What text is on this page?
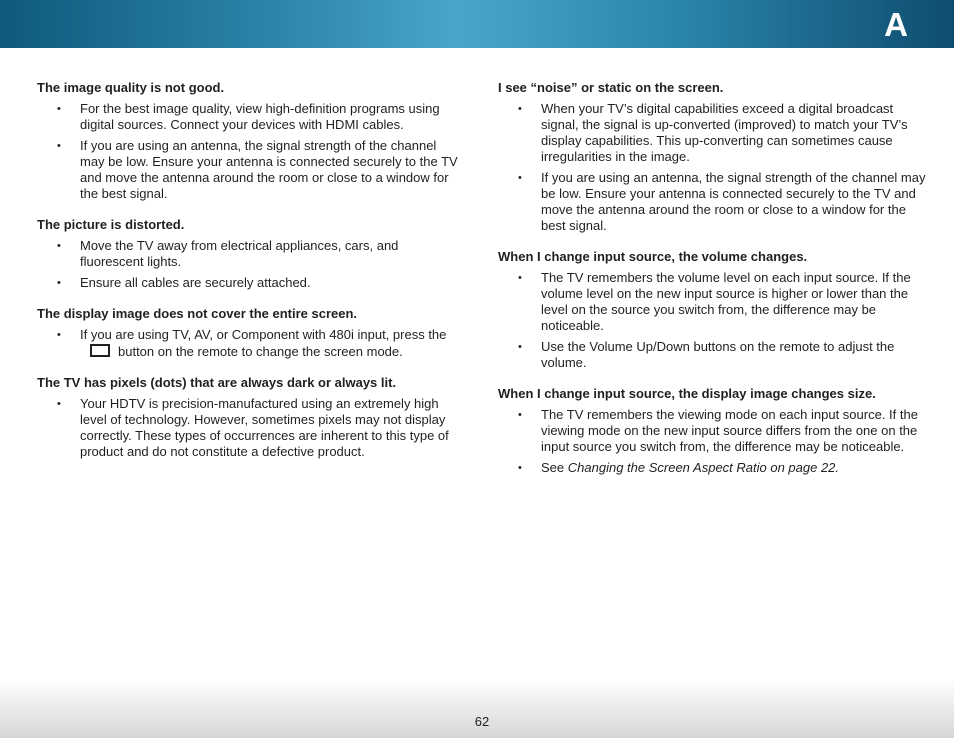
A
The image quality is not good.
• For the best image quality, view high-definition programs using digital sources. Connect your devices with HDMI cables.
• If you are using an antenna, the signal strength of the channel may be low. Ensure your antenna is connected securely to the TV and move the antenna around the room or close to a window for the best signal.
The picture is distorted.
• Move the TV away from electrical appliances, cars, and fluorescent lights.
• Ensure all cables are securely attached.
The display image does not cover the entire screen.
• If you are using TV, AV, or Component with 480i input, press thebutton on the remote to change the screen mode.
The TV has pixels (dots) that are always dark or always lit.
• Your HDTV is precision-manufactured using an extremely high level of technology. However, sometimes pixels may not display correctly. These types of occurrences are inherent to this type of product and do not constitute a defective product.
I see “noise” or static on the screen.
• When your TV’s digital capabilities exceed a digital broadcast signal, the signal is up-converted (improved) to match your TV’s display capabilities. This up-converting can sometimes cause irregularities in the image.
• If you are using an antenna, the signal strength of the channel may be low. Ensure your antenna is connected securely to the TV and move the antenna around the room or close to a window for the best signal.
When I change input source, the volume changes.
• The TV remembers the volume level on each input source. If the volume level on the new input source is higher or lower than the level on the source you switch from, the difference may be noticeable.
• Use the Volume Up/Down buttons on the remote to adjust the volume.
When I change input source, the display image changes size.
• The TV remembers the viewing mode on each input source. If the viewing mode on the new input source differs from the one on the input source you switch from, the difference may be noticeable.
• See Changing the Screen Aspect Ratio on page 22.
62
